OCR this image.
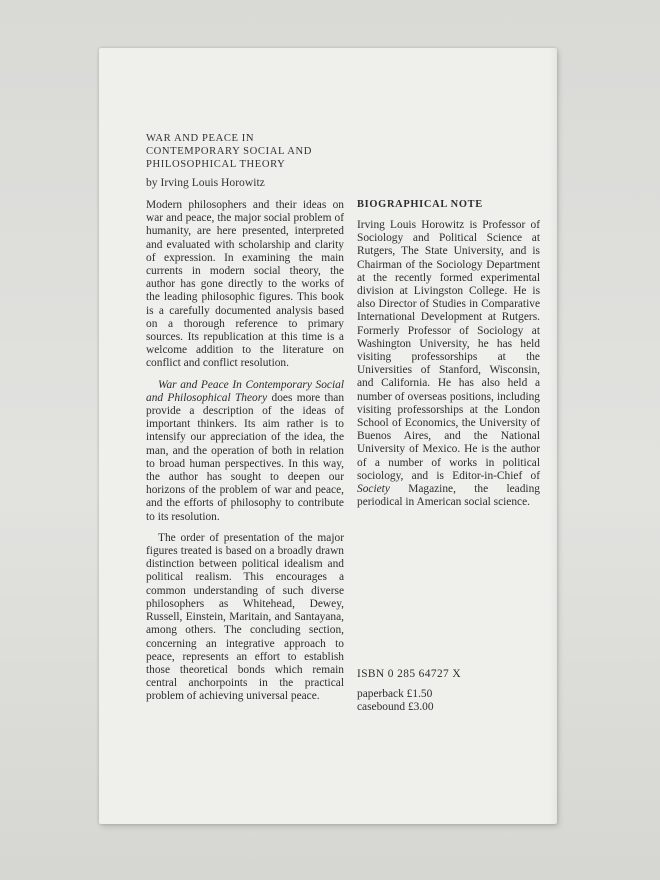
WAR AND PEACE IN
CONTEMPORARY SOCIAL AND
PHILOSOPHICAL THEORY
by Irving Louis Horowitz

Modern philosophers and their ideas on war and peace, the major social problem of humanity, are here presented, interpreted and evaluated with scholarship and clarity of expression. In examining the main currents in modern social theory, the author has gone directly to the works of the leading philosophic figures. This book is a carefully documented analysis based on a thorough reference to primary sources. Its republication at this time is a welcome addition to the literature on conflict and conflict resolution.

War and Peace In Contemporary Social and Philosophical Theory does more than provide a description of the ideas of important thinkers. Its aim rather is to intensify our appreciation of the idea, the man, and the operation of both in relation to broad human perspectives. In this way, the author has sought to deepen our horizons of the problem of war and peace, and the efforts of philosophy to contribute to its resolution.

The order of presentation of the major figures treated is based on a broadly drawn distinction between political idealism and political realism. This encourages a common understanding of such diverse philosophers as Whitehead, Dewey, Russell, Einstein, Maritain, and Santayana, among others. The concluding section, concerning an integrative approach to peace, represents an effort to establish those theoretical bonds which remain central anchorpoints in the practical problem of achieving universal peace.

BIOGRAPHICAL NOTE

Irving Louis Horowitz is Professor of Sociology and Political Science at Rutgers, The State University, and is Chairman of the Sociology Department at the recently formed experimental division at Livingston College. He is also Director of Studies in Comparative International Development at Rutgers. Formerly Professor of Sociology at Washington University, he has held visiting professorships at the Universities of Stanford, Wisconsin, and California. He has also held a number of overseas positions, including visiting professorships at the London School of Economics, the University of Buenos Aires, and the National University of Mexico. He is the author of a number of works in political sociology, and is Editor-in-Chief of Society Magazine, the leading periodical in American social science.

ISBN 0 285 64727 X
paperback £1.50
casebound £3.00
